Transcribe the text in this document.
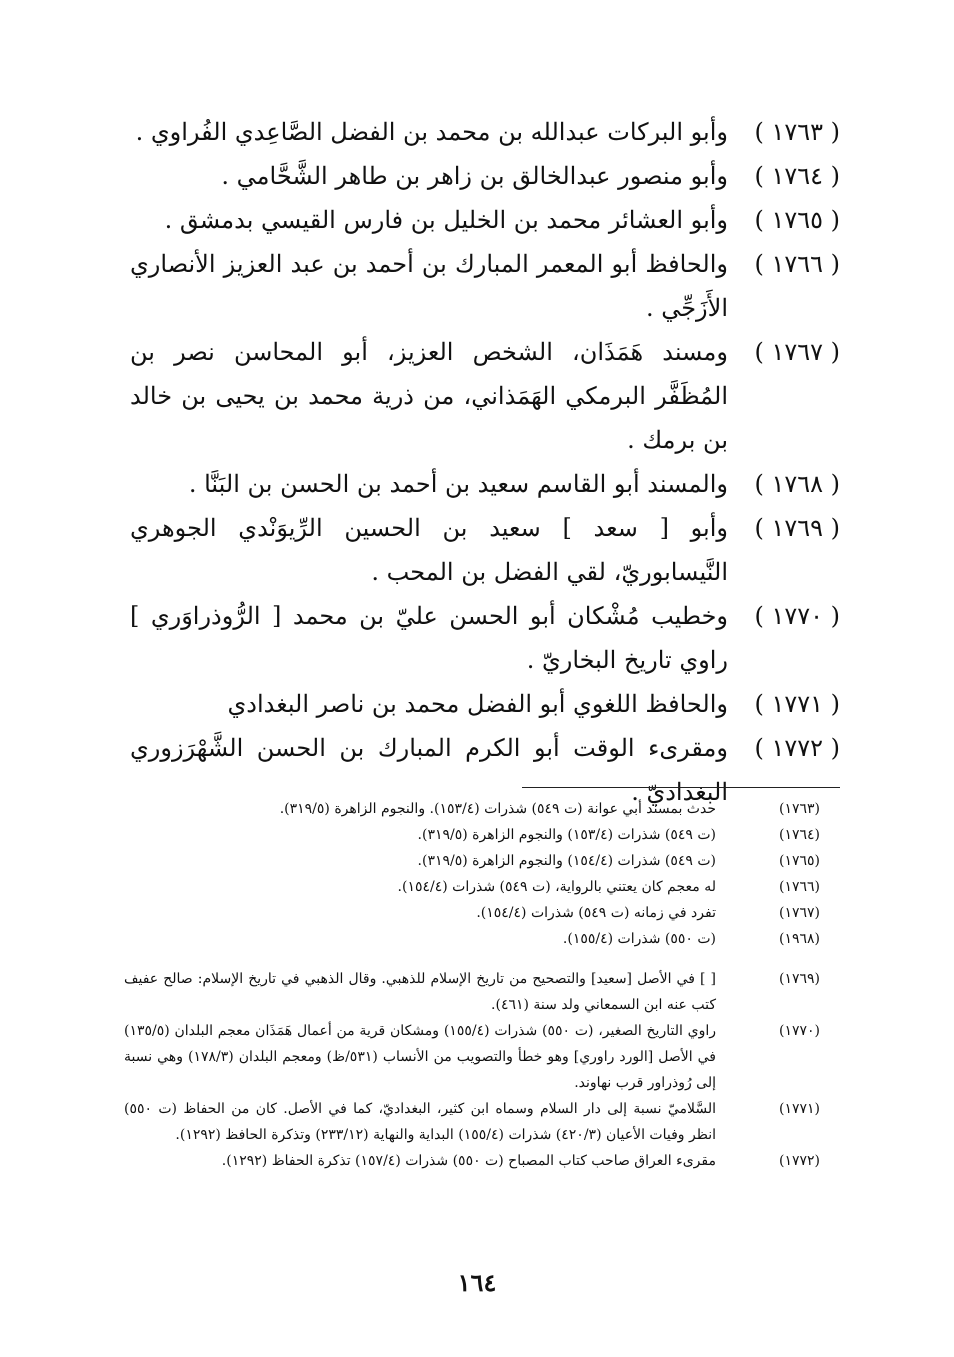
( ١٧٦٣ )
وأبو البركات عبدالله بن محمد بن الفضل الصَّاعِدي الفُراوي .
( ١٧٦٤ )
وأبو منصور عبدالخالق بن زاهر بن طاهر الشَّحَّامي .
( ١٧٦٥ )
وأبو العشائر محمد بن الخليل بن فارس القيسي بدمشق .
( ١٧٦٦ )
والحافظ أبو المعمر المبارك بن أحمد بن عبد العزيز الأنصاري الأَزَجِّي .
( ١٧٦٧ )
ومسند هَمَذَان، الشخص العزيز، أبو المحاسن نصر بن المُظَفَّر البرمكي الهَمَذاني، من ذرية محمد بن يحيى بن خالد بن برمك .
( ١٧٦٨ )
والمسند أبو القاسم سعيد بن أحمد بن الحسن بن البَنَّا .
( ١٧٦٩ )
وأبو [ سعد ] سعيد بن الحسين الرِّيوَنْدي الجوهري النَّيسابوريّ، لقي الفضل بن المحب .
( ١٧٧٠ )
وخطيب مُشْكان أبو الحسن عليّ بن محمد [ الرُّوذراوَري ] راوي تاريخ البخاريّ .
( ١٧٧١ )
والحافظ اللغوي أبو الفضل محمد بن ناصر البغدادي
( ١٧٧٢ )
ومقرىء الوقت أبو الكرم المبارك بن الحسن الشَّهْرَزوري البغداديّ .
(١٧٦٣)
حدث بمسند أبي عوانة (ت ٥٤٩) شذرات (١٥٣/٤). والنجوم الزاهرة (٣١٩/٥).
(١٧٦٤)
(ت ٥٤٩) شذرات (١٥٣/٤) والنجوم الزاهرة (٣١٩/٥).
(١٧٦٥)
(ت ٥٤٩) شذرات (١٥٤/٤) والنجوم الزاهرة (٣١٩/٥).
(١٧٦٦)
له معجم كان يعتني بالرواية، (ت ٥٤٩) شذرات (١٥٤/٤).
(١٧٦٧)
تفرد في زمانه (ت ٥٤٩) شذرات (١٥٤/٤).
(١٩٦٨)
(ت ٥٥٠) شذرات (١٥٥/٤).
(١٧٦٩)
[ ] في الأصل [سعيد] والتصحيح من تاريخ الإسلام للذهبي. وقال الذهبي في تاريخ الإسلام: صالح عفيف كتب عنه ابن السمعاني ولد سنة (٤٦١).
(١٧٧٠)
راوي التاريخ الصغير، (ت ٥٥٠) شذرات (١٥٥/٤) ومشكان قرية من أعمال هَمَذَان معجم البلدان (١٣٥/٥) في الأصل [الورد راوري] وهو خطأ والتصويب من الأنساب (٥٣١/ظ) ومعجم البلدان (١٧٨/٣) وهي نسبة إلى رُوذراور قرب نهاوند.
(١٧٧١)
السَّلاميّ نسبة إلى دار السلام وسماه ابن كثير، البغداديّ، كما في الأصل. كان من الحفاظ (ت ٥٥٠) انظر وفيات الأعيان (٤٢٠/٣) شذرات (١٥٥/٤) البداية والنهاية (٢٣٣/١٢) وتذكرة الحافظ (١٢٩٢).
(١٧٧٢)
مقرىء العراق صاحب كتاب المصباح (ت ٥٥٠) شذرات (١٥٧/٤) تذكرة الحفاظ (١٢٩٢).
١٦٤
